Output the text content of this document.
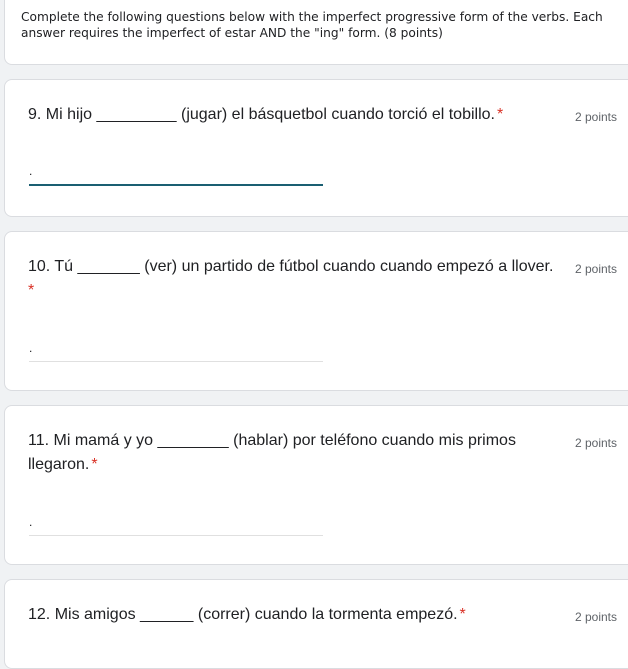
Complete the following questions below with the imperfect progressive form of the verbs. Each answer requires the imperfect of estar AND the "ing" form. (8 points)

9. Mi hijo _________ (jugar) el básquetbol cuando torció el tobillo. *	2 points
.

10. Tú _______ (ver) un partido de fútbol cuando cuando empezó a llover.
*

2 points
.

11. Mi mamá y yo ________ (hablar) por teléfono cuando mis primos llegaron. *

2 points
.

12. Mis amigos ______ (correr) cuando la tormenta empezó. *	2 points
